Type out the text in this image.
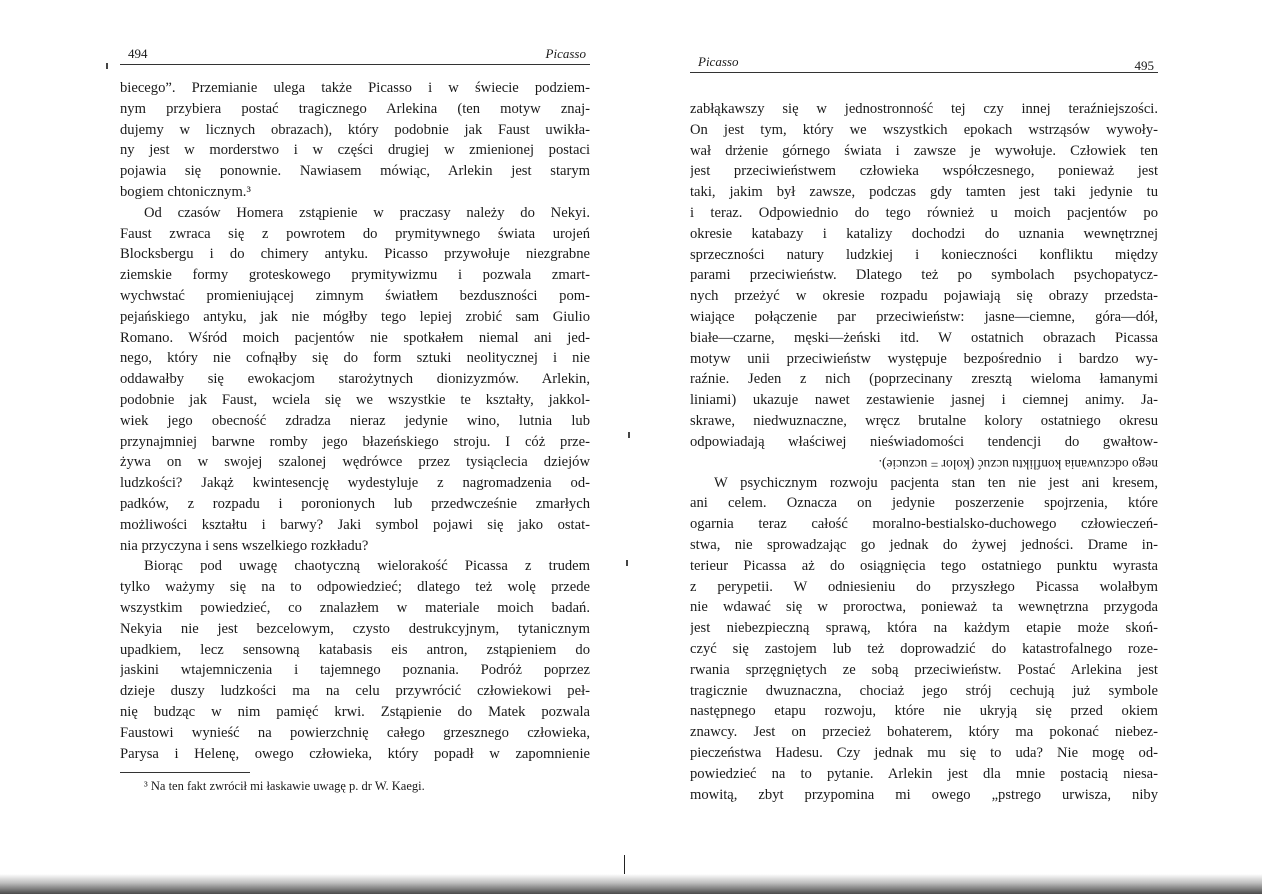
494	Picasso
biecego”. Przemianie ulega także Picasso i w świecie podziem-
nym przybiera postać tragicznego Arlekina (ten motyw znaj-
dujemy w licznych obrazach), który podobnie jak Faust uwikła-
ny jest w morderstwo i w części drugiej w zmienionej postaci
pojawia się ponownie. Nawiasem mówiąc, Arlekin jest starym
bogiem chtonicznym.³
Od czasów Homera zstąpienie w praczasy należy do Nekyi.
Faust zwraca się z powrotem do prymitywnego świata urojeń
Blocksbergu i do chimery antyku. Picasso przywołuje niezgrabne
ziemskie formy groteskowego prymitywizmu i pozwala zmart-
wychwstać promieniującej zimnym światłem bezduszności pom-
pejańskiego antyku, jak nie mógłby tego lepiej zrobić sam Giulio
Romano. Wśród moich pacjentów nie spotkałem niemal ani jed-
nego, który nie cofnąłby się do form sztuki neolitycznej i nie
oddawałby się ewokacjom starożytnych dionizyzmów. Arlekin,
podobnie jak Faust, wciela się we wszystkie te kształty, jakkol-
wiek jego obecność zdradza nieraz jedynie wino, lutnia lub
przynajmniej barwne romby jego błazeńskiego stroju. I cóż prze-
żywa on w swojej szalonej wędrówce przez tysiąclecia dziejów
ludzkości? Jakąż kwintesencję wydestyluje z nagromadzenia od-
padków, z rozpadu i poronionych lub przedwcześnie zmarłych
możliwości kształtu i barwy? Jaki symbol pojawi się jako ostat-
nia przyczyna i sens wszelkiego rozkładu?
Biorąc pod uwagę chaotyczną wielorakość Picassa z trudem
tylko ważymy się na to odpowiedzieć; dlatego też wolę przede
wszystkim powiedzieć, co znalazłem w materiale moich badań.
Nekyia nie jest bezcelowym, czysto destrukcyjnym, tytanicznym
upadkiem, lecz sensowną katabasis eis antron, zstąpieniem do
jaskini wtajemniczenia i tajemnego poznania. Podróż poprzez
dzieje duszy ludzkości ma na celu przywrócić człowiekowi peł-
nię budząc w nim pamięć krwi. Zstąpienie do Matek pozwala
Faustowi wynieść na powierzchnię całego grzesznego człowieka,
Parysa i Helenę, owego człowieka, który popadł w zapomnienie
³ Na ten fakt zwrócił mi łaskawie uwagę p. dr W. Kaegi.
Picasso	495
zabłąkawszy się w jednostronność tej czy innej teraźniejszości.
On jest tym, który we wszystkich epokach wstrząsów wywoły-
wał drżenie górnego świata i zawsze je wywołuje. Człowiek ten
jest przeciwieństwem człowieka współczesnego, ponieważ jest
taki, jakim był zawsze, podczas gdy tamten jest taki jedynie tu
i teraz. Odpowiednio do tego również u moich pacjentów po
okresie katabazy i katalizy dochodzi do uznania wewnętrznej
sprzeczności natury ludzkiej i konieczności konfliktu między
parami przeciwieństw. Dlatego też po symbolach psychopatycz-
nych przeżyć w okresie rozpadu pojawiają się obrazy przedsta-
wiające połączenie par przeciwieństw: jasne—ciemne, góra—dół,
białe—czarne, męski—żeński itd. W ostatnich obrazach Picassa
motyw unii przeciwieństw występuje bezpośrednio i bardzo wy-
raźnie. Jeden z nich (poprzecinany zresztą wieloma łamanymi
liniami) ukazuje nawet zestawienie jasnej i ciemnej animy. Ja-
skrawe, niedwuznaczne, wręcz brutalne kolory ostatniego okresu
odpowiadają właściwej nieświadomości tendencji do gwałtow-
nego odczuwania konfliktu uczuć (kolor = uczucie).
W psychicznym rozwoju pacjenta stan ten nie jest ani kresem,
ani celem. Oznacza on jedynie poszerzenie spojrzenia, które
ogarnia teraz całość moralno-bestialsko-duchowego człowieczeń-
stwa, nie sprowadzając go jednak do żywej jedności. Drame in-
terieur Picassa aż do osiągnięcia tego ostatniego punktu wyrasta
z perypetii. W odniesieniu do przyszłego Picassa wolałbym
nie wdawać się w proroctwa, ponieważ ta wewnętrzna przygoda
jest niebezpieczną sprawą, która na każdym etapie może skoń-
czyć się zastojem lub też doprowadzić do katastrofalnego roze-
rwania sprzęgniętych ze sobą przeciwieństw. Postać Arlekina jest
tragicznie dwuznaczna, chociaż jego strój cechują już symbole
następnego etapu rozwoju, które nie ukryją się przed okiem
znawcy. Jest on przecież bohaterem, który ma pokonać niebez-
pieczeństwa Hadesu. Czy jednak mu się to uda? Nie mogę od-
powiedzieć na to pytanie. Arlekin jest dla mnie postacią niesa-
mowitą, zbyt przypomina mi owego „pstrego urwisza, niby
